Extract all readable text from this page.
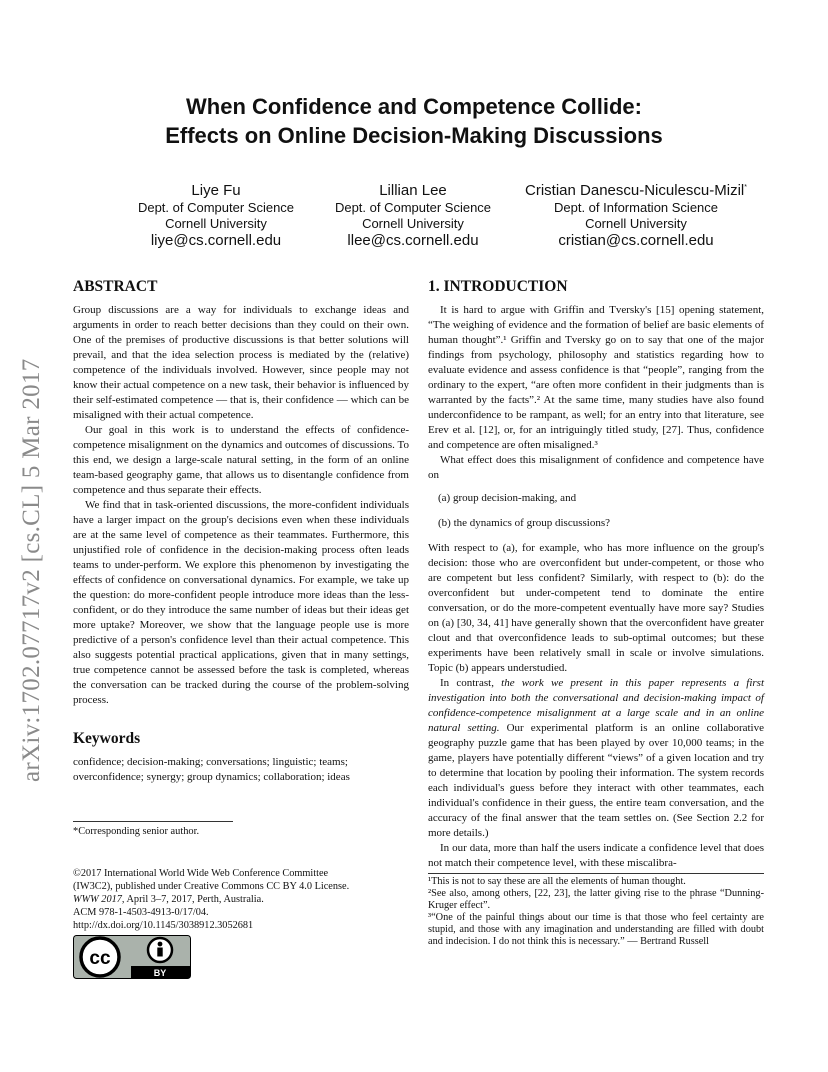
arXiv:1702.07717v2 [cs.CL] 5 Mar 2017
When Confidence and Competence Collide:
Effects on Online Decision-Making Discussions
Liye Fu
Dept. of Computer Science
Cornell University
liye@cs.cornell.edu
Lillian Lee
Dept. of Computer Science
Cornell University
llee@cs.cornell.edu
Cristian Danescu-Niculescu-Mizil*
Dept. of Information Science
Cornell University
cristian@cs.cornell.edu
ABSTRACT

Group discussions are a way for individuals to exchange ideas and arguments in order to reach better decisions than they could on their own. One of the premises of productive discussions is that better solutions will prevail, and that the idea selection process is mediated by the (relative) competence of the individuals involved. However, since people may not know their actual competence on a new task, their behavior is influenced by their self-estimated competence — that is, their confidence — which can be misaligned with their actual competence.

Our goal in this work is to understand the effects of confidence-competence misalignment on the dynamics and outcomes of discussions. To this end, we design a large-scale natural setting, in the form of an online team-based geography game, that allows us to disentangle confidence from competence and thus separate their effects.

We find that in task-oriented discussions, the more-confident individuals have a larger impact on the group's decisions even when these individuals are at the same level of competence as their teammates. Furthermore, this unjustified role of confidence in the decision-making process often leads teams to under-perform. We explore this phenomenon by investigating the effects of confidence on conversational dynamics. For example, we take up the question: do more-confident people introduce more ideas than the less-confident, or do they introduce the same number of ideas but their ideas get more uptake? Moreover, we show that the language people use is more predictive of a person's confidence level than their actual competence. This also suggests potential practical applications, given that in many settings, true competence cannot be assessed before the task is completed, whereas the conversation can be tracked during the course of the problem-solving process.

Keywords

confidence; decision-making; conversations; linguistic; teams; overconfidence; synergy; group dynamics; collaboration; ideas

*Corresponding senior author.
©2017 International World Wide Web Conference Committee
(IW3C2), published under Creative Commons CC BY 4.0 License.
WWW 2017, April 3–7, 2017, Perth, Australia.
ACM 978-1-4503-4913-0/17/04.
http://dx.doi.org/10.1145/3038912.3052681
cc
BY
1. INTRODUCTION

It is hard to argue with Griffin and Tversky's [15] opening statement, “The weighing of evidence and the formation of belief are basic elements of human thought”.¹ Griffin and Tversky go on to say that one of the major findings from psychology, philosophy and statistics regarding how to evaluate evidence and assess confidence is that “people”, ranging from the ordinary to the expert, “are often more confident in their judgments than is warranted by the facts”.² At the same time, many studies have also found underconfidence to be rampant, as well; for an entry into that literature, see Erev et al. [12], or, for an intriguingly titled study, [27]. Thus, confidence and competence are often misaligned.³

What effect does this misalignment of confidence and competence have on

(a) group decision-making, and
(b) the dynamics of group discussions?

With respect to (a), for example, who has more influence on the group's decision: those who are overconfident but under-competent, or those who are competent but less confident? Similarly, with respect to (b): do the overconfident but under-competent tend to dominate the entire conversation, or do the more-competent eventually have more say? Studies on (a) [30, 34, 41] have generally shown that the overconfident have greater clout and that overconfidence leads to sub-optimal outcomes; but these experiments have been relatively small in scale or involve simulations. Topic (b) appears understudied.

In contrast, the work we present in this paper represents a first investigation into both the conversational and decision-making impact of confidence-competence misalignment at a large scale and in an online natural setting. Our experimental platform is an online collaborative geography puzzle game that has been played by over 10,000 teams; in the game, players have potentially different “views” of a given location and try to determine that location by pooling their information. The system records each individual's guess before they interact with other teammates, each individual's confidence in their guess, the entire team conversation, and the accuracy of the final answer that the team settles on. (See Section 2.2 for more details.)

In our data, more than half the users indicate a confidence level that does not match their competence level, with these miscalibra-

¹This is not to say these are all the elements of human thought.

²See also, among others, [22, 23], the latter giving rise to the phrase “Dunning-Kruger effect”.

³“One of the painful things about our time is that those who feel certainty are stupid, and those with any imagination and understanding are filled with doubt and indecision. I do not think this is necessary.” — Bertrand Russell
